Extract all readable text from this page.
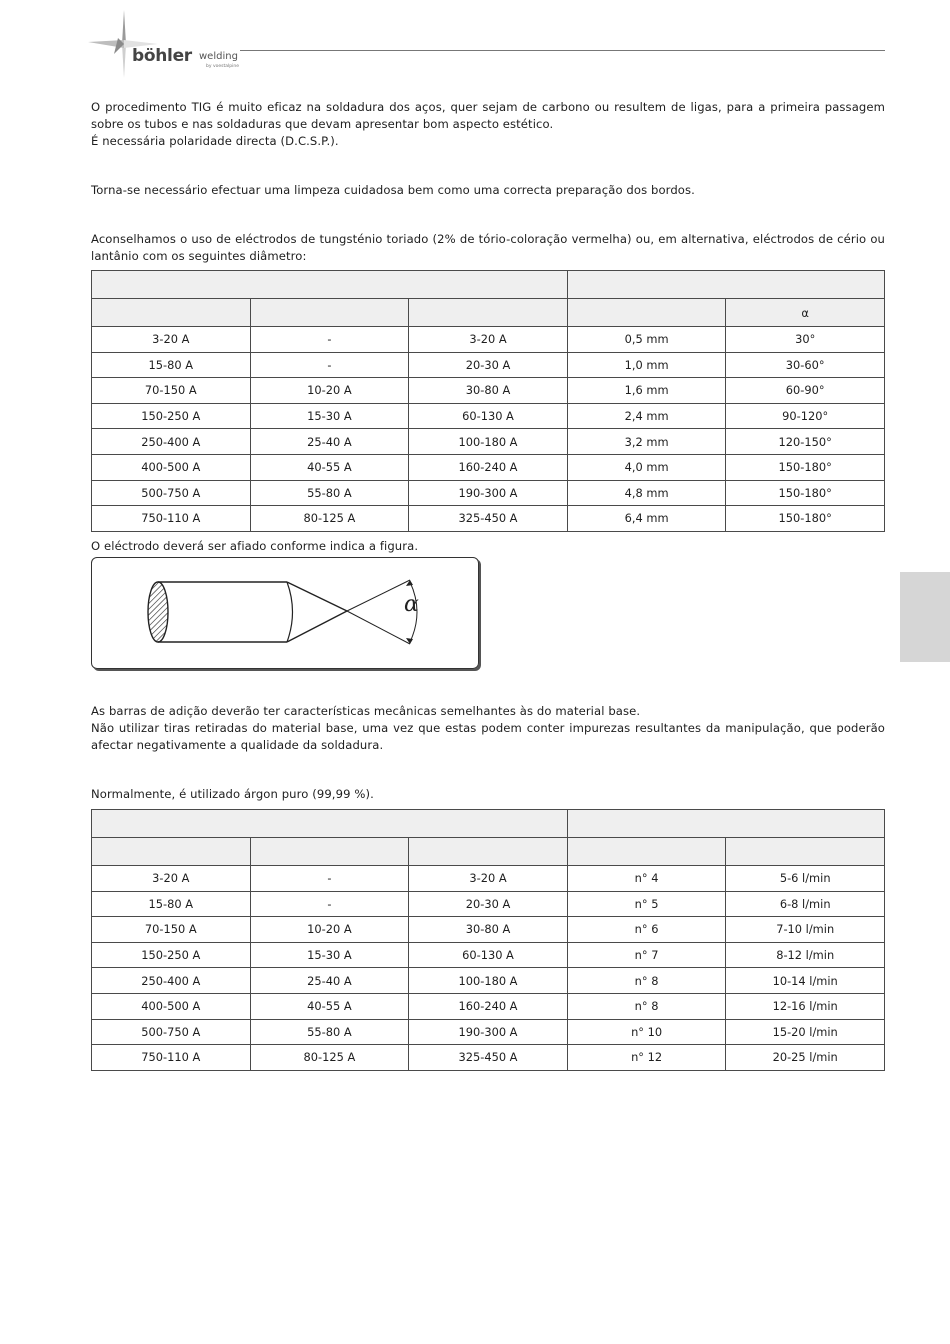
böhler welding
by voestalpine

O procedimento TIG é muito eficaz na soldadura dos aços, quer sejam de carbono ou resultem de ligas, para a primeira passagem sobre os tubos e nas soldaduras que devam apresentar bom aspecto estético.

É necessária polaridade directa (D.C.S.P.).

Torna-se necessário efectuar uma limpeza cuidadosa bem como uma correcta preparação dos bordos.
Aconselhamos o uso de eléctrodos de tungsténio toriado (2% de tório-coloração vermelha) ou, em alternativa, eléctrodos de cério ou lantânio com os seguintes diâmetro:

				α
3-20 A	-	3-20 A	0,5 mm	30°
15-80 A	-	20-30 A	1,0 mm	30-60°
70-150 A	10-20 A	30-80 A	1,6 mm	60-90°
150-250 A	15-30 A	60-130 A	2,4 mm	90-120°
250-400 A	25-40 A	100-180 A	3,2 mm	120-150°
400-500 A	40-55 A	160-240 A	4,0 mm	150-180°
500-750 A	55-80 A	190-300 A	4,8 mm	150-180°
750-110 A	80-125 A	325-450 A	6,4 mm	150-180°
O eléctrodo deverá ser afiado conforme indica a figura.
α

As barras de adição deverão ter características mecânicas semelhantes às do material base.

Não utilizar tiras retiradas do material base, uma vez que estas podem conter impurezas resultantes da manipulação, que poderão afectar negativamente a qualidade da soldadura.

Normalmente, é utilizado árgon puro (99,99 %).

3-20 A	-	3-20 A	n° 4	5-6 l/min
15-80 A	-	20-30 A	n° 5	6-8 l/min
70-150 A	10-20 A	30-80 A	n° 6	7-10 l/min
150-250 A	15-30 A	60-130 A	n° 7	8-12 l/min
250-400 A	25-40 A	100-180 A	n° 8	10-14 l/min
400-500 A	40-55 A	160-240 A	n° 8	12-16 l/min
500-750 A	55-80 A	190-300 A	n° 10	15-20 l/min
750-110 A	80-125 A	325-450 A	n° 12	20-25 l/min
